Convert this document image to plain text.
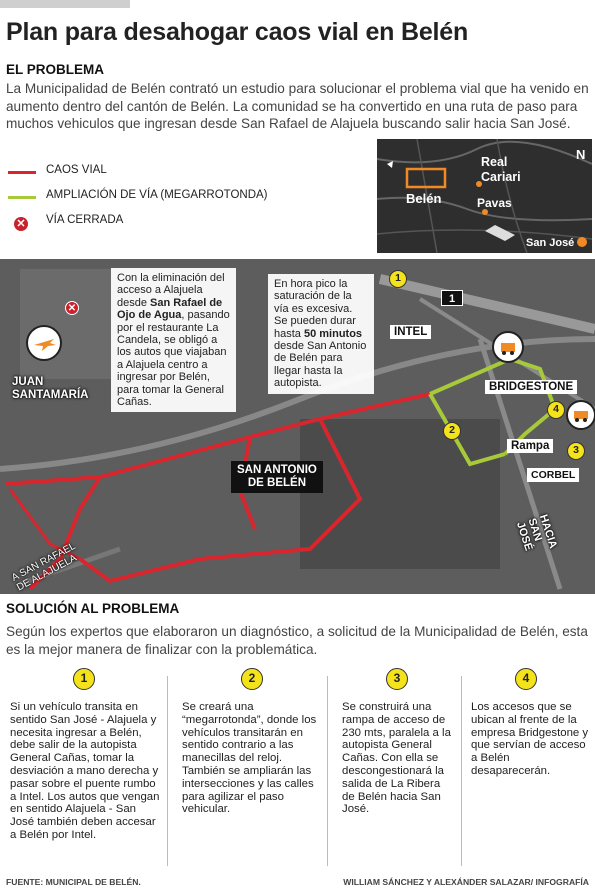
Plan para desahogar caos vial en Belén
EL PROBLEMA

La Municipalidad de Belén contrató un estudio para solucionar el problema vial que ha venido en aumento dentro del cantón de Belén. La comunidad se ha convertido en una ruta de paso para muchos vehiculos que ingresan desde San Rafael de Alajuela buscando salir hacia San José.

CAOS VIAL
AMPLIACIÓN DE VÍA (MEGARROTONDA)
✕ VÍA CERRADA
Belén
Real
Cariari
Pavas
San José
N
Con la eliminación del acceso a Alajuela desde San Rafael de Ojo de Agua, pasando por el restaurante La Candela, se obligó a los autos que viajaban a Alajuela centro a ingresar por Belén, para tomar la General Cañas.
En hora pico la saturación de la vía es excesiva. Se pueden durar hasta 50 minutos desde San Antonio de Belén para llegar hasta la autopista.
✕
JUAN
SANTAMARÍA
INTEL
BRIDGESTONE
Rampa
CORBEL
SAN ANTONIO
DE BELÉN
HACIA SAN JOSÉ
A SAN RAFAEL
DE ALAJUELA
1
1
2
3
4
SOLUCIÓN AL PROBLEMA

Según los expertos que elaboraron un diagnóstico, a solicitud de la Municipalidad de Belén, esta es la mejor manera de finalizar con la problemática.

1
Si un vehículo transita en sentido San José - Alajuela y necesita ingresar a Belén, debe salir de la autopista General Cañas, tomar la desviación a mano derecha y pasar sobre el puente rumbo a Intel. Los autos que vengan en sentido Alajuela - San José también deben accesar a Belén por Intel.
2
Se creará una “megarrotonda”, donde los vehículos transitarán en sentido contrario a las manecillas del reloj. También se ampliarán las intersecciones y las calles para agilizar el paso vehicular.
3
Se construirá una rampa de acceso de 230 mts, paralela a la autopista General Cañas. Con ella se descongestionará la salida de La Ribera de Belén hacia San José.
4
Los accesos que se ubican al frente de la empresa Bridgestone y que servían de acceso a Belén desaparecerán.
FUENTE: MUNICIPAL DE BELÉN.	WILLIAM SÁNCHEZ Y ALEXÁNDER SALAZAR/ INFOGRAFÍA
